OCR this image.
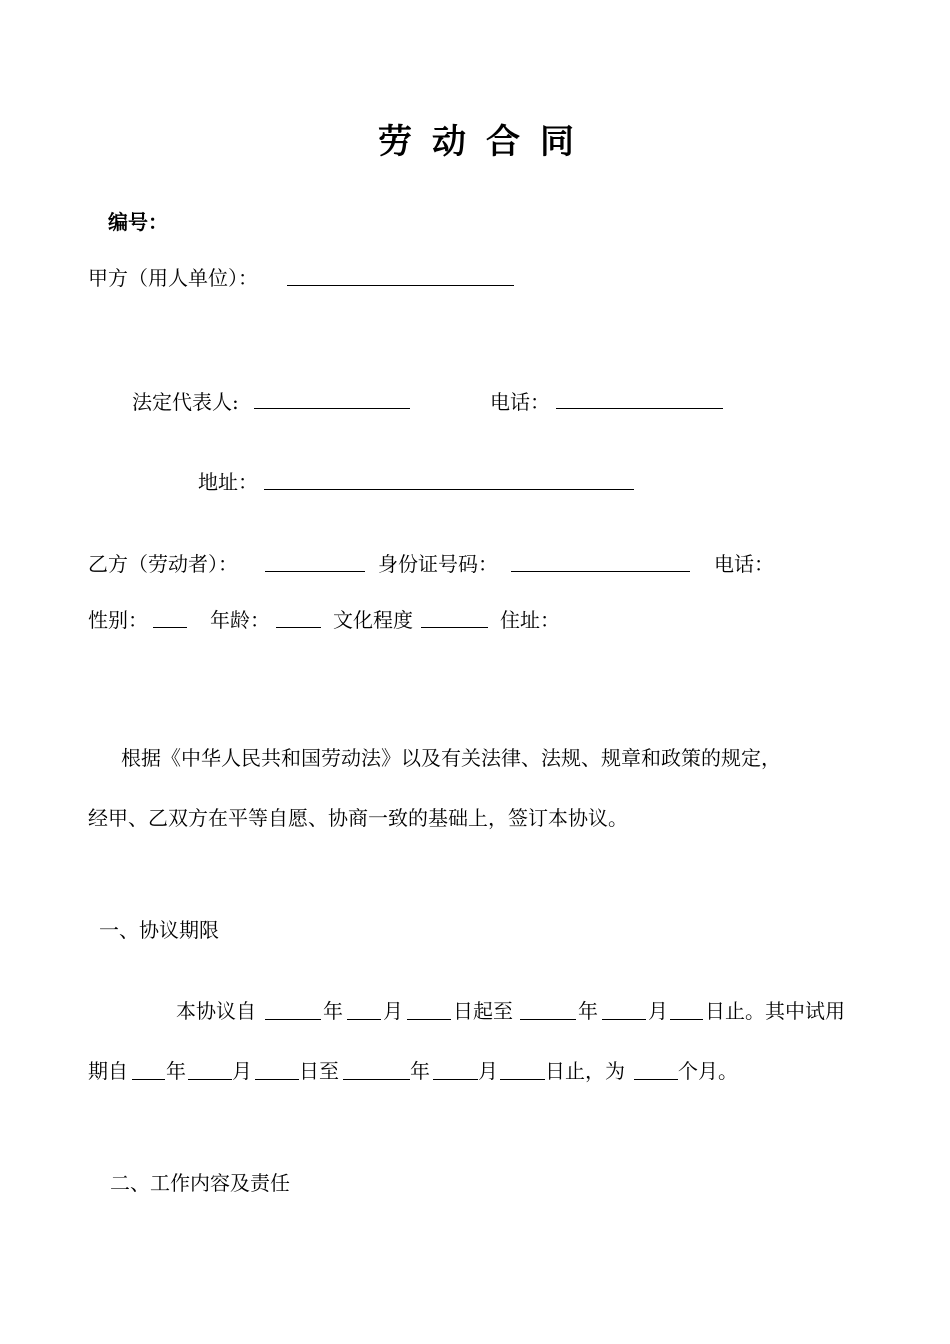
劳动合同
编号：
甲方（用人单位）：
法定代表人:	电话：
地址：
乙方（劳动者）：	身份证号码：	电话：
性别：	年龄：	文化程度	住址：
根据《中华人民共和国劳动法》以及有关法律、法规、规章和政策的规定，
经甲、乙双方在平等自愿、协商一致的基础上，签订本协议。
一、协议期限
本协议自	年 月	日起至	年	月 日止。其中试用
期自 年 月 日至	年 月 日止，为	个月。
二、工作内容及责任
